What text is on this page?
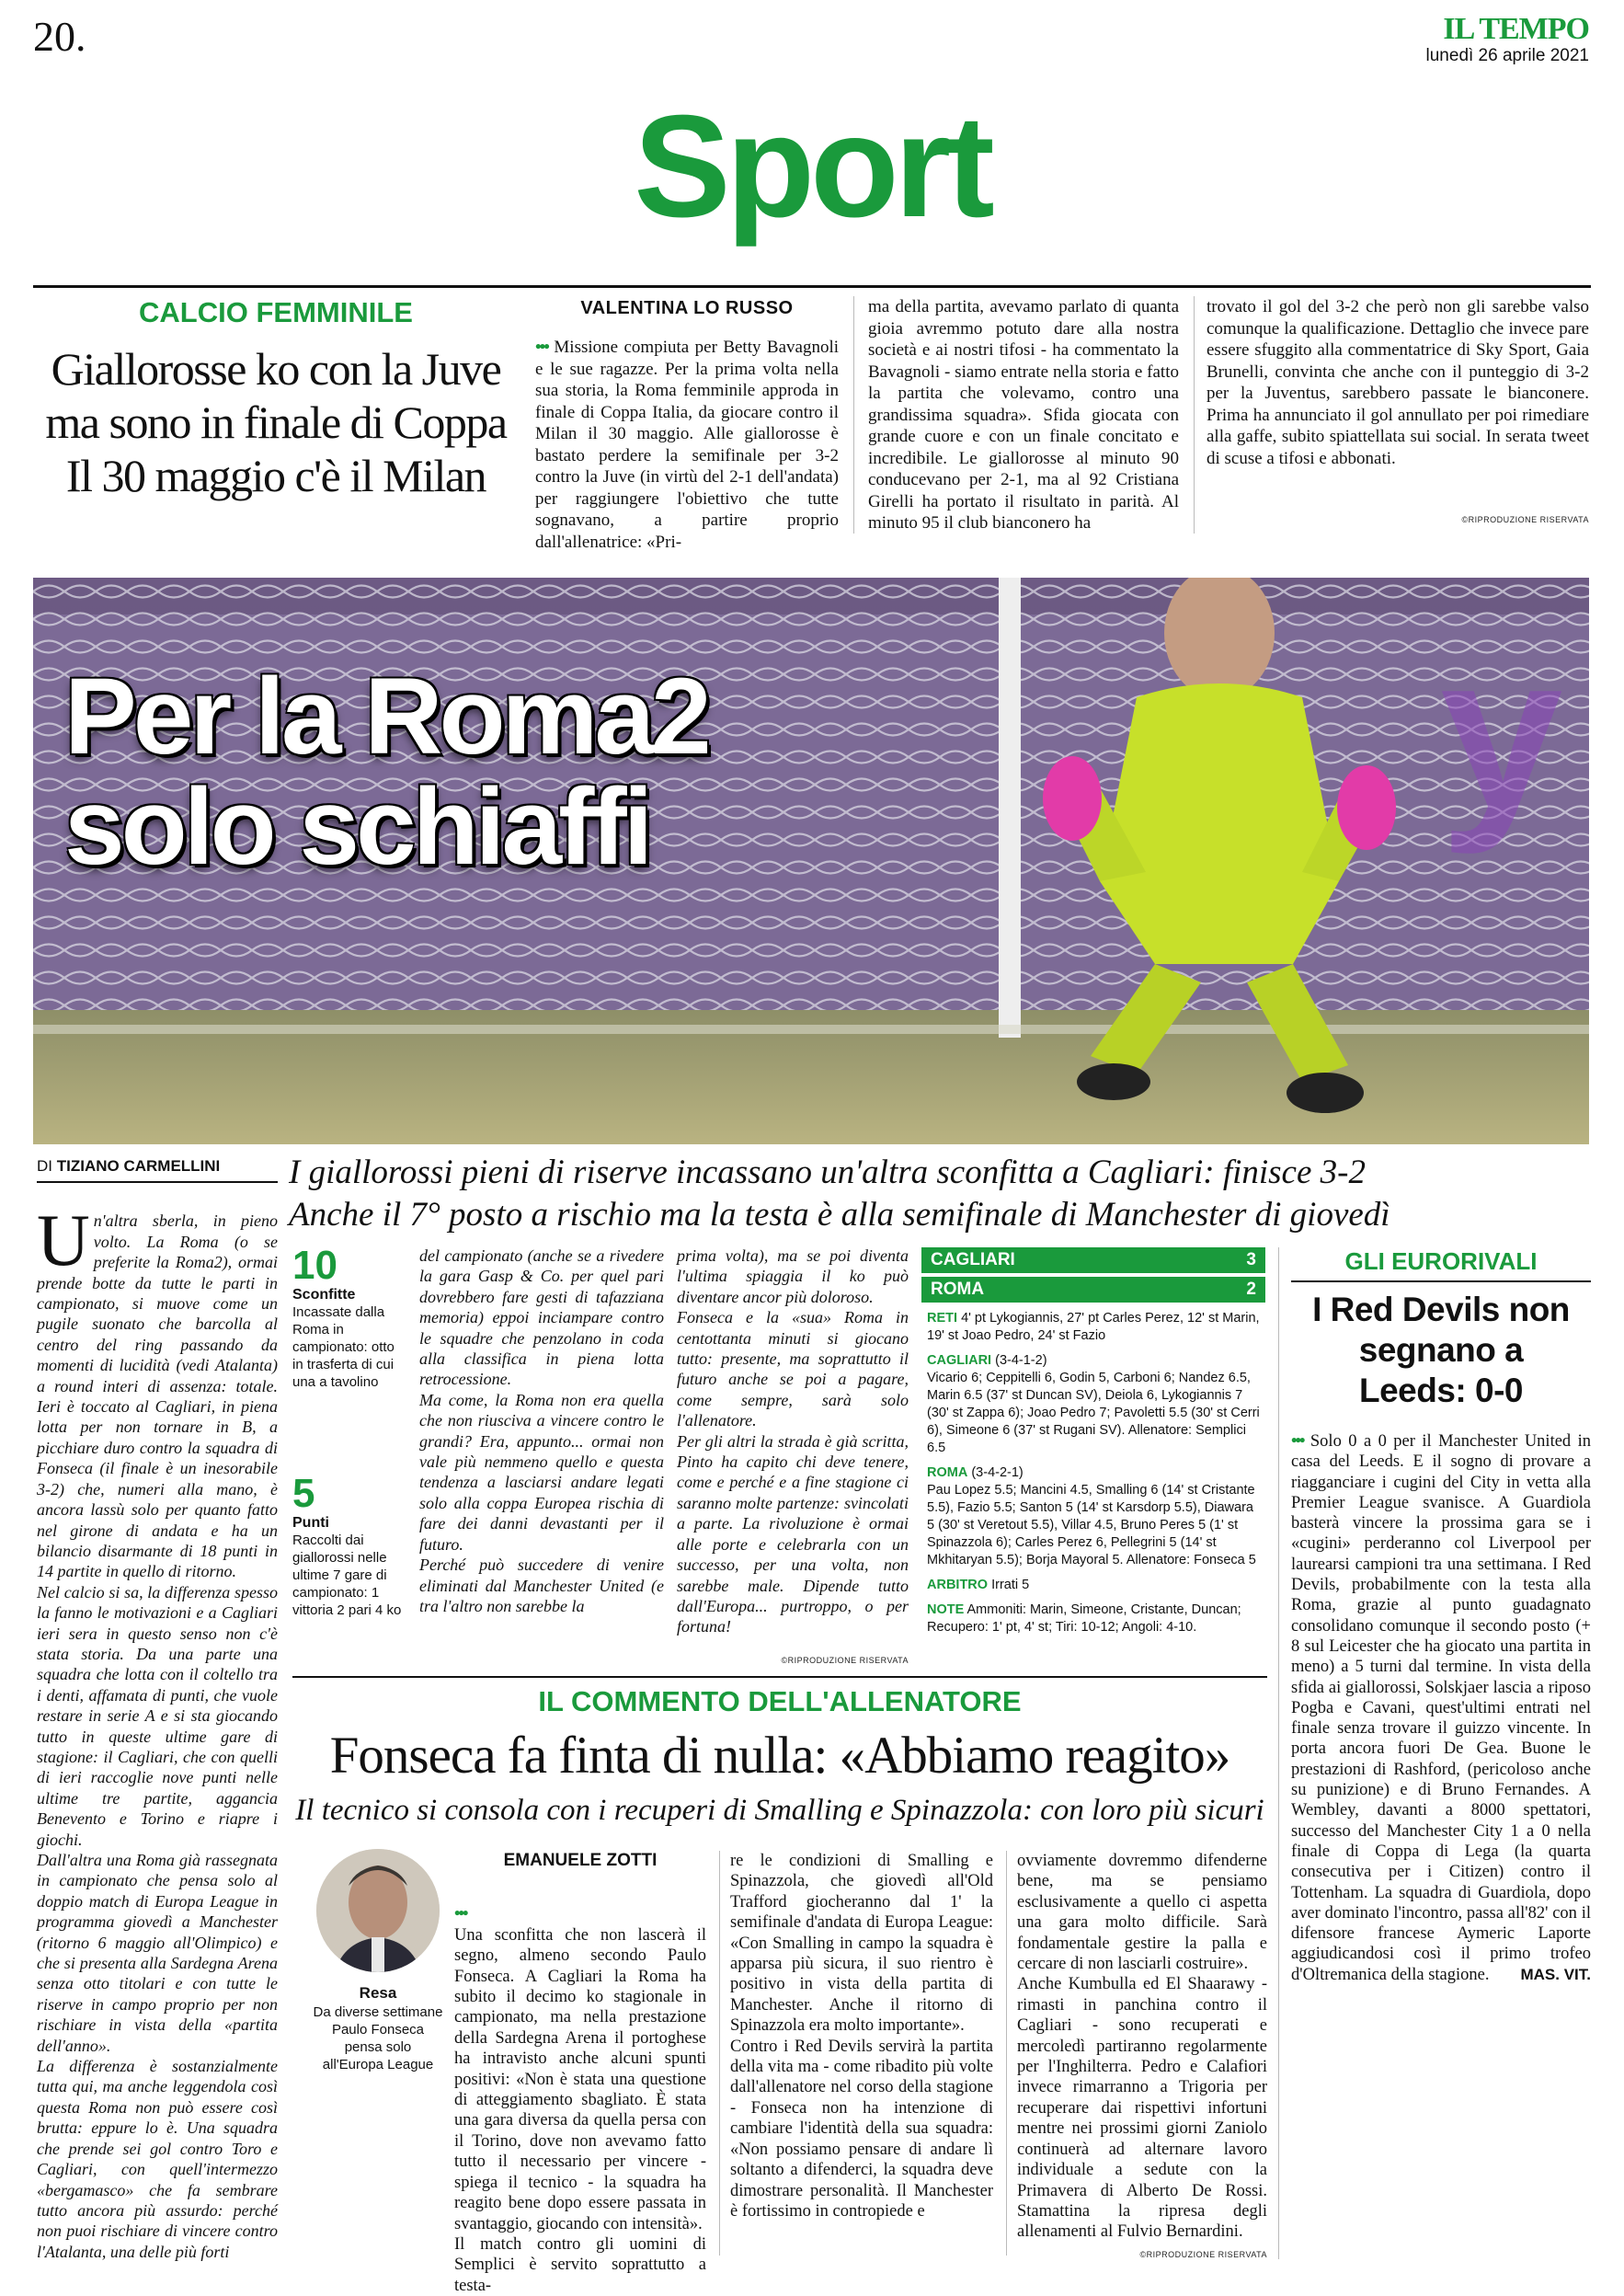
20.	IL TEMPO
lunedì 26 aprile 2021
Sport
CALCIO FEMMINILE
Giallorosse ko con la Juve ma sono in finale di Coppa Il 30 maggio c'è il Milan
VALENTINA LO RUSSO
••• Missione compiuta per Betty Bavagnoli e le sue ragazze. Per la prima volta nella sua storia, la Roma femminile approda in finale di Coppa Italia, da giocare contro il Milan il 30 maggio. Alle giallorosse è bastato perdere la semifinale per 3-2 contro la Juve (in virtù del 2-1 dell'andata) per raggiungere l'obiettivo che tutte sognavano, a partire proprio dall'allenatrice: «Pri-
ma della partita, avevamo parlato di quanta gioia avremmo potuto dare alla nostra società e ai nostri tifosi - ha commentato la Bavagnoli - siamo entrate nella storia e fatto la partita che volevamo, contro una grandissima squadra». Sfida giocata con grande cuore e con un finale concitato e incredibile. Le giallorosse al minuto 90 conducevano per 2-1, ma al 92 Cristiana Girelli ha portato il risultato in parità. Al minuto 95 il club bianconero ha
trovato il gol del 3-2 che però non gli sarebbe valso comunque la qualificazione. Dettaglio che invece pare essere sfuggito alla commentatrice di Sky Sport, Gaia Brunelli, convinta che anche con il punteggio di 3-2 per la Juventus, sarebbero passate le bianconere. Prima ha annunciato il gol annullato per poi rimediare alla gaffe, subito spiattellata sui social. In serata tweet di scuse a tifosi e abbonati.
©RIPRODUZIONE RISERVATA
y
Per la Roma2
solo schiaffi
DI TIZIANO CARMELLINI	I giallorossi pieni di riserve incassano un'altra sconfitta a Cagliari: finisce 3-2
Anche il 7° posto a rischio ma la testa è alla semifinale di Manchester di giovedì

Un'altra sberla, in pieno volto. La Roma (o se preferite la Roma2), ormai prende botte da tutte le parti in campionato, si muove come un pugile suonato che barcolla al centro del ring passando da momenti di lucidità (vedi Atalanta) a round interi di assenza: totale. Ieri è toccato al Cagliari, in piena lotta per non tornare in B, a picchiare duro contro la squadra di Fonseca (il finale è un inesorabile 3-2) che, numeri alla mano, è ancora lassù solo per quanto fatto nel girone di andata e ha un bilancio disarmante di 18 punti in 14 partite in quello di ritorno.
Nel calcio si sa, la differenza spesso la fanno le motivazioni e a Cagliari ieri sera in questo senso non c'è stata storia. Da una parte una squadra che lotta con il coltello tra i denti, affamata di punti, che vuole restare in serie A e si sta giocando tutto in queste ultime gare di stagione: il Cagliari, che con quelli di ieri raccoglie nove punti nelle ultime tre partite, aggancia Benevento e Torino e riapre i giochi.
Dall'altra una Roma già rassegnata in campionato che pensa solo al doppio match di Europa League in programma giovedì a Manchester (ritorno 6 maggio all'Olimpico) e che si presenta alla Sardegna Arena senza otto titolari e con tutte le riserve in campo proprio per non rischiare in vista della «partita dell'anno».
La differenza è sostanzialmente tutta qui, ma anche leggendola così questa Roma non può essere così brutta: eppure lo è. Una squadra che prende sei gol contro Toro e Cagliari, con quell'intermezzo «bergamasco» che fa sembrare tutto ancora più assurdo: perché non puoi rischiare di vincere contro l'Atalanta, una delle più forti

10
Sconfitte
Incassate dalla Roma in campionato: otto in trasferta di cui una a tavolino
5
Punti
Raccolti dai giallorossi nelle ultime 7 gare di campionato: 1 vittoria 2 pari 4 ko
del campionato (anche se a rivedere la gara Gasp & Co. per quel pari dovrebbero fare gesti di tafazziana memoria) eppoi inciampare contro le squadre che penzolano in coda alla classifica in piena lotta retrocessione.
Ma come, la Roma non era quella che non riusciva a vincere contro le grandi? Era, appunto... ormai non vale più nemmeno quello e questa tendenza a lasciarsi andare legati solo alla coppa Europea rischia di fare dei danni devastanti per il futuro.
Perché può succedere di venire eliminati dal Manchester United (e tra l'altro non sarebbe la
prima volta), ma se poi diventa l'ultima spiaggia il ko può diventare ancor più doloroso.
Fonseca e la «sua» Roma in centottanta minuti si giocano tutto: presente, ma soprattutto il futuro anche se poi a pagare, come sempre, sarà solo l'allenatore.
Per gli altri la strada è già scritta, Pinto ha capito chi deve tenere, come e perché e a fine stagione ci saranno molte partenze: svincolati a parte. La rivoluzione è ormai alle porte e celebrarla con un successo, per una volta, non sarebbe male. Dipende tutto dall'Europa... purtroppo, o per fortuna!
©RIPRODUZIONE RISERVATA
CAGLIARI	3
ROMA	2
RETI 4' pt Lykogiannis, 27' pt Carles Perez, 12' st Marin, 19' st Joao Pedro, 24' st Fazio
CAGLIARI (3-4-1-2)
Vicario 6; Ceppitelli 6, Godin 5, Carboni 6; Nandez 6.5, Marin 6.5 (37' st Duncan SV), Deiola 6, Lykogiannis 7 (30' st Zappa 6); Joao Pedro 7; Pavoletti 5.5 (30' st Cerri 6), Simeone 6 (37' st Rugani SV). Allenatore: Semplici 6.5
ROMA (3-4-2-1)
Pau Lopez 5.5; Mancini 4.5, Smalling 6 (14' st Cristante 5.5), Fazio 5.5; Santon 5 (14' st Karsdorp 5.5), Diawara 5 (30' st Veretout 5.5), Villar 4.5, Bruno Peres 5 (1' st Spinazzola 6); Carles Perez 6, Pellegrini 5 (14' st Mkhitaryan 5.5); Borja Mayoral 5. Allenatore: Fonseca 5
ARBITRO Irrati 5
NOTE Ammoniti: Marin, Simeone, Cristante, Duncan; Recupero: 1' pt, 4' st; Tiri: 10-12; Angoli: 4-10.
GLI EURORIVALI
I Red Devils non segnano a Leeds: 0-0
••• Solo 0 a 0 per il Manchester United in casa del Leeds. E il sogno di provare a riagganciare i cugini del City in vetta alla Premier League svanisce. A Guardiola basterà vincere la prossima gara se i «cugini» perderanno col Liverpool per laurearsi campioni tra una settimana. I Red Devils, probabilmente con la testa alla Roma, grazie al punto guadagnato consolidano comunque il secondo posto (+ 8 sul Leicester che ha giocato una partita in meno) a 5 turni dal termine. In vista della sfida ai giallorossi, Solskjaer lascia a riposo Pogba e Cavani, quest'ultimi entrati nel finale senza trovare il guizzo vincente. In porta ancora fuori De Gea. Buone le prestazioni di Rashford, (pericoloso anche su punizione) e di Bruno Fernandes. A Wembley, davanti a 8000 spettatori, successo del Manchester City 1 a 0 nella finale di Coppa di Lega (la quarta consecutiva per i Citizen) contro il Tottenham. La squadra di Guardiola, dopo aver dominato l'incontro, passa all'82' con il difensore francese Aymeric Laporte aggiudicandosi così il primo trofeo d'Oltremanica della stagione. MAS. VIT.
IL COMMENTO DELL'ALLENATORE
Fonseca fa finta di nulla: «Abbiamo reagito»
Il tecnico si consola con i recuperi di Smalling e Spinazzola: con loro più sicuri
Resa
Da diverse settimane Paulo Fonseca pensa solo all'Europa League
EMANUELE ZOTTI

•••
Una sconfitta che non lascerà il segno, almeno secondo Paulo Fonseca. A Cagliari la Roma ha subito il decimo ko stagionale in campionato, ma nella prestazione della Sardegna Arena il portoghese ha intravisto anche alcuni spunti positivi: «Non è stata una questione di atteggiamento sbagliato. È stata una gara diversa da quella persa con il Torino, dove non avevamo fatto tutto il necessario per vincere - spiega il tecnico - la squadra ha reagito bene dopo essere passata in svantaggio, giocando con intensità».
Il match contro gli uomini di Semplici è servito soprattutto a testa-

re le condizioni di Smalling e Spinazzola, che giovedì all'Old Trafford giocheranno dal 1' la semifinale d'andata di Europa League: «Con Smalling in campo la squadra è apparsa più sicura, il suo rientro è positivo in vista della partita di Manchester. Anche il ritorno di Spinazzola era molto importante».
Contro i Red Devils servirà la partita della vita ma - come ribadito più volte dall'allenatore nel corso della stagione - Fonseca non ha intenzione di cambiare l'identità della sua squadra: «Non possiamo pensare di andare lì soltanto a difenderci, la squadra deve dimostrare personalità. Il Manchester è fortissimo in contropiede e
ovviamente dovremmo difenderne bene, ma se pensiamo esclusivamente a quello ci aspetta una gara molto difficile. Sarà fondamentale gestire la palla e cercare di non lasciarli costruire».
Anche Kumbulla ed El Shaarawy - rimasti in panchina contro il Cagliari - sono recuperati e mercoledì partiranno regolarmente per l'Inghilterra. Pedro e Calafiori invece rimarranno a Trigoria per recuperare dai rispettivi infortuni mentre nei prossimi giorni Zaniolo continuerà ad alternare lavoro individuale a sedute con la Primavera di Alberto De Rossi. Stamattina la ripresa degli allenamenti al Fulvio Bernardini.
©RIPRODUZIONE RISERVATA
